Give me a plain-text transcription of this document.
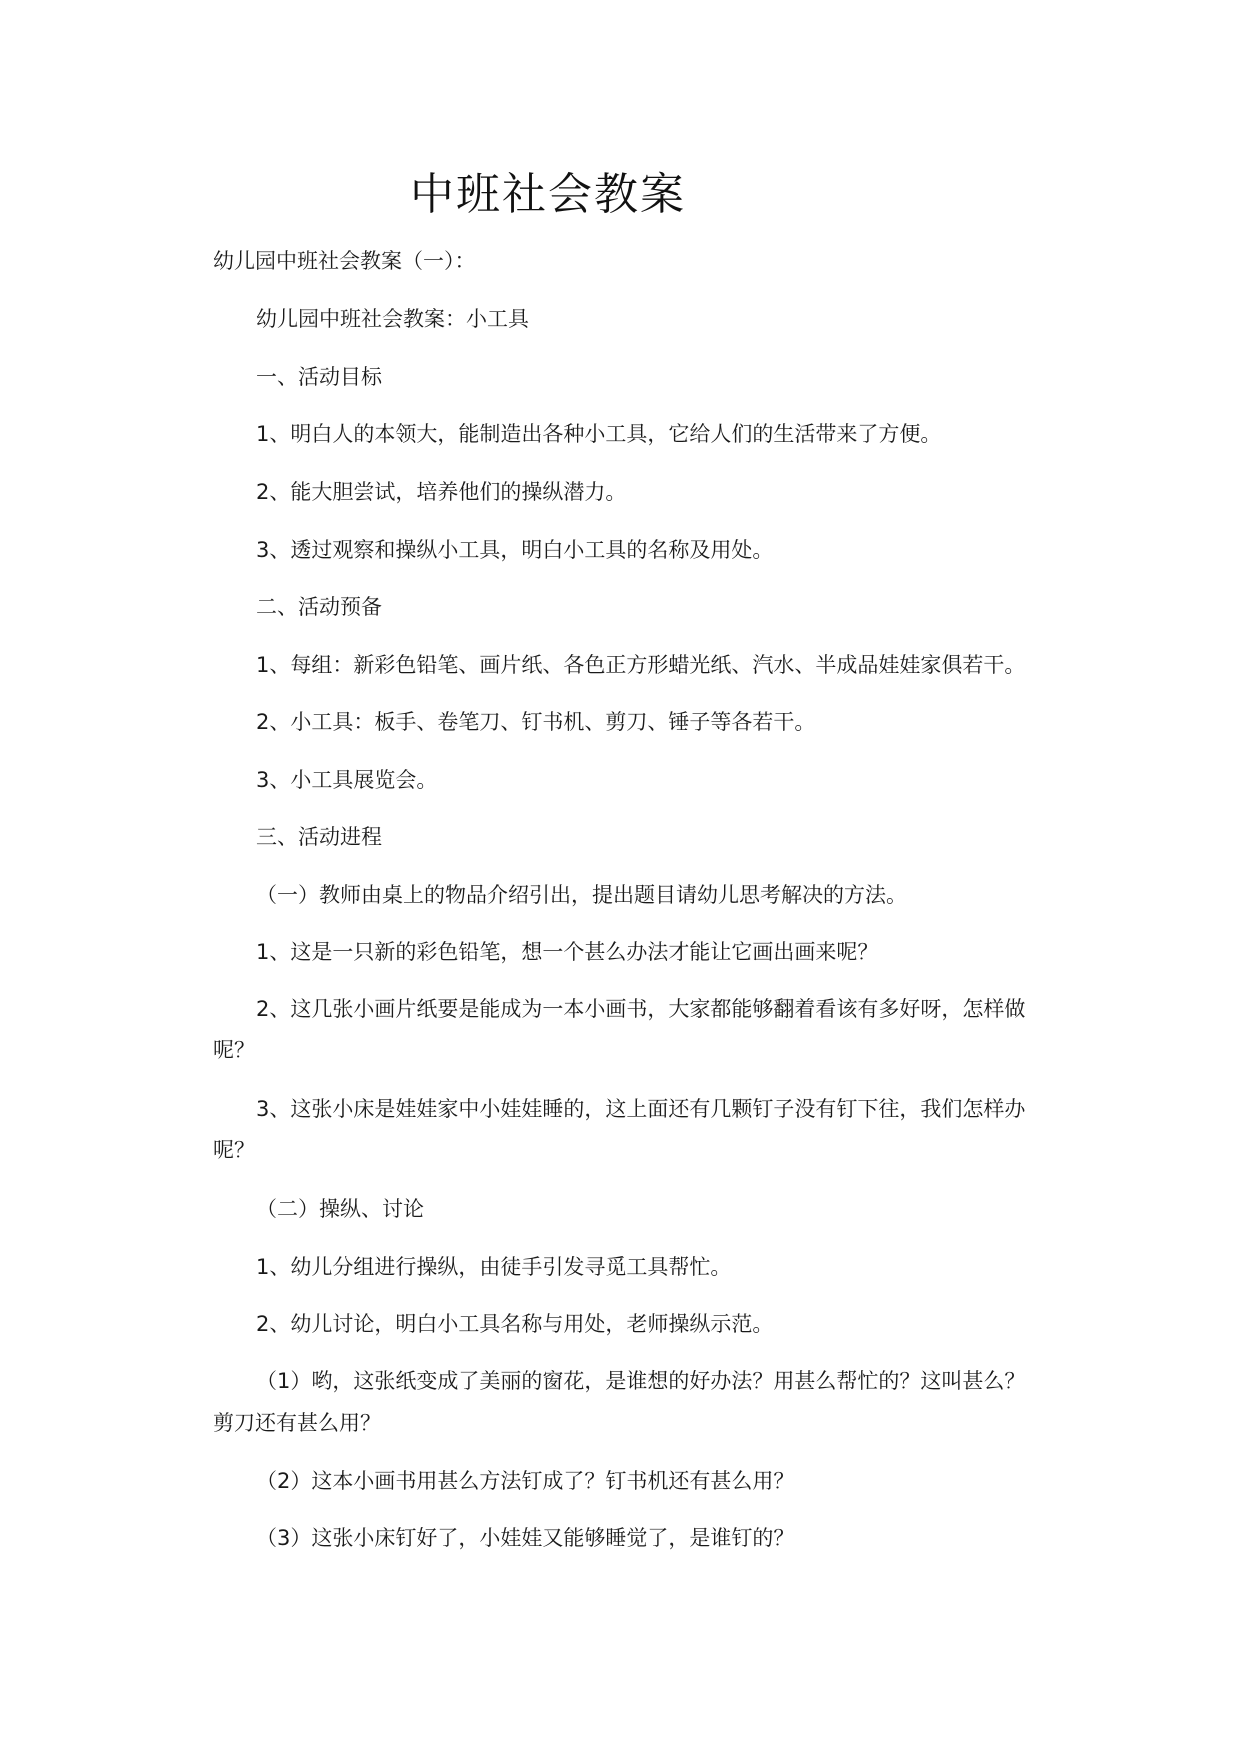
中班社会教案
幼儿园中班社会教案（一）：
幼儿园中班社会教案：小工具
一、活动目标
1、明白人的本领大，能制造出各种小工具，它给人们的生活带来了方便。
2、能大胆尝试，培养他们的操纵潜力。
3、透过观察和操纵小工具，明白小工具的名称及用处。
二、活动预备
1、每组：新彩色铅笔、画片纸、各色正方形蜡光纸、汽水、半成品娃娃家俱若干。
2、小工具：板手、卷笔刀、钉书机、剪刀、锤子等各若干。
3、小工具展览会。
三、活动进程
（一）教师由桌上的物品介绍引出，提出题目请幼儿思考解决的方法。
1、这是一只新的彩色铅笔，想一个甚么办法才能让它画出画来呢？
2、这几张小画片纸要是能成为一本小画书，大家都能够翻着看该有多好呀，怎样做
呢？
3、这张小床是娃娃家中小娃娃睡的，这上面还有几颗钉子没有钉下往，我们怎样办
呢？
（二）操纵、讨论
1、幼儿分组进行操纵，由徒手引发寻觅工具帮忙。
2、幼儿讨论，明白小工具名称与用处，老师操纵示范。
（1）哟，这张纸变成了美丽的窗花，是谁想的好办法？用甚么帮忙的？这叫甚么？
剪刀还有甚么用？
（2）这本小画书用甚么方法钉成了？钉书机还有甚么用？
（3）这张小床钉好了，小娃娃又能够睡觉了，是谁钉的？
